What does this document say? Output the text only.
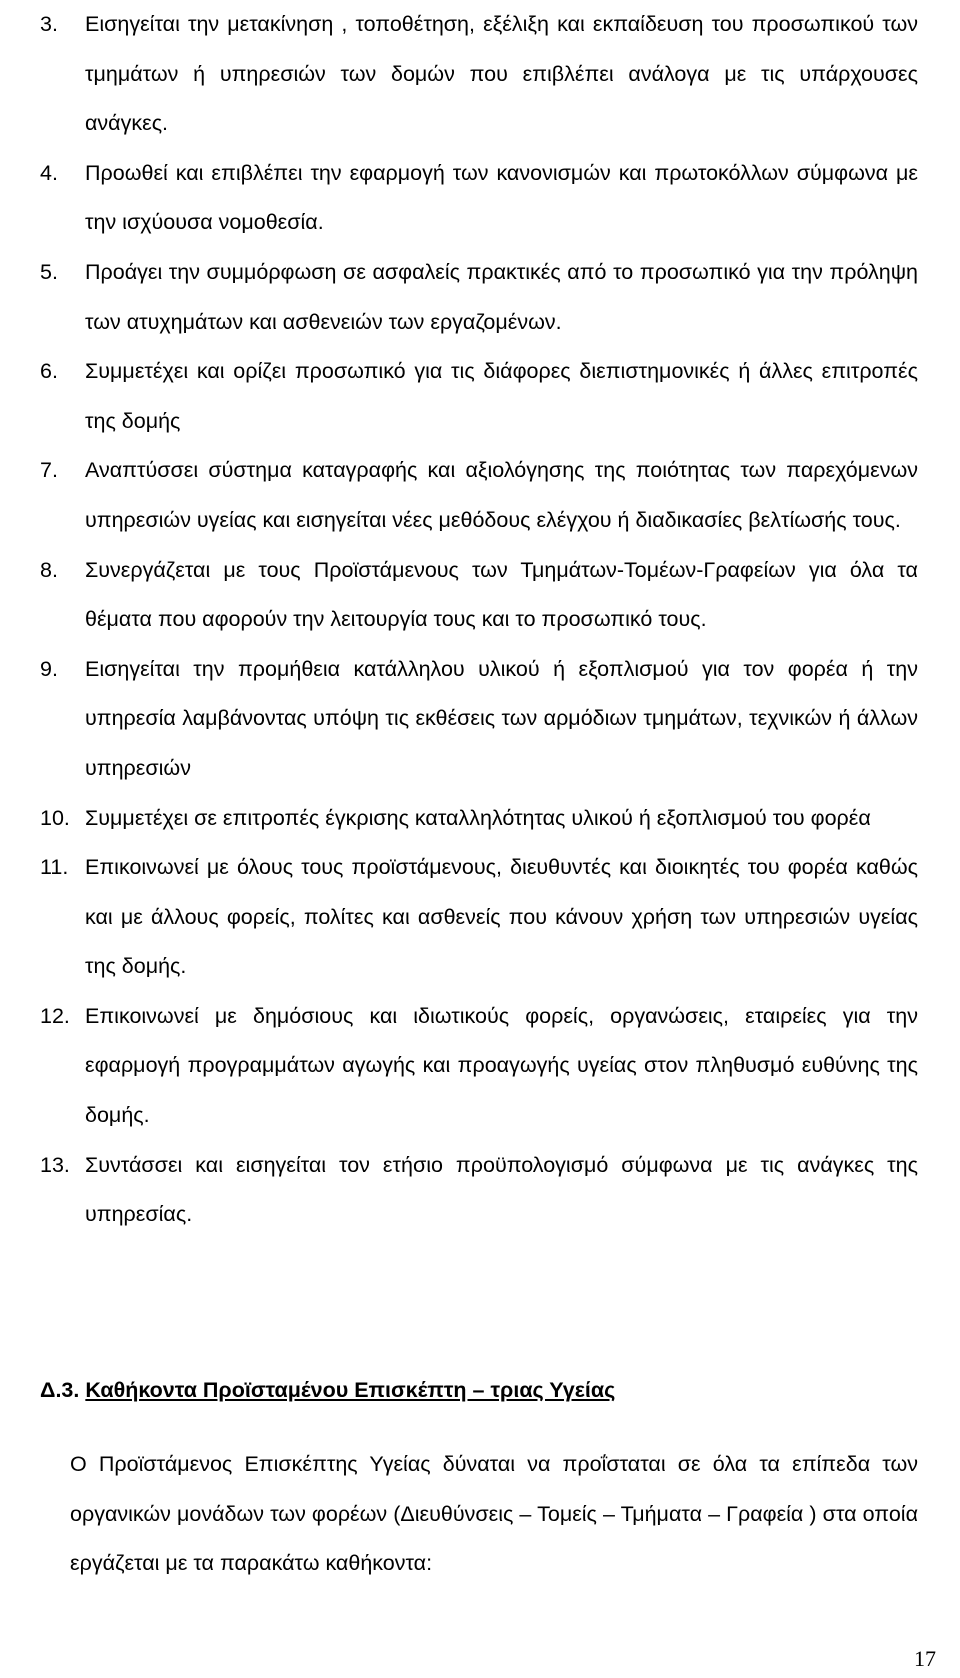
3.	Εισηγείται την μετακίνηση , τοποθέτηση, εξέλιξη και εκπαίδευση του προσωπικού των τμημάτων ή υπηρεσιών των δομών που επιβλέπει ανάλογα με τις υπάρχουσες ανάγκες.
4.	Προωθεί και επιβλέπει την εφαρμογή των κανονισμών και πρωτοκόλλων σύμφωνα με την ισχύουσα νομοθεσία.
5.	Προάγει την συμμόρφωση σε ασφαλείς πρακτικές από το προσωπικό για την πρόληψη των ατυχημάτων και ασθενειών των εργαζομένων.
6.	Συμμετέχει και ορίζει προσωπικό για τις διάφορες διεπιστημονικές ή άλλες επιτροπές της δομής
7.	Αναπτύσσει σύστημα καταγραφής και αξιολόγησης της ποιότητας των παρεχόμενων υπηρεσιών υγείας και εισηγείται νέες μεθόδους ελέγχου ή διαδικασίες βελτίωσής τους.
8.	Συνεργάζεται με τους Προϊστάμενους των Τμημάτων-Τομέων-Γραφείων για όλα τα θέματα που αφορούν την λειτουργία τους και το προσωπικό τους.
9.	Εισηγείται την προμήθεια κατάλληλου υλικού ή εξοπλισμού για τον φορέα ή την υπηρεσία λαμβάνοντας υπόψη τις εκθέσεις των αρμόδιων τμημάτων, τεχνικών ή άλλων υπηρεσιών
10. Συμμετέχει σε επιτροπές έγκρισης καταλληλότητας υλικού ή εξοπλισμού του φορέα
11. Επικοινωνεί με όλους τους προϊστάμενους, διευθυντές και διοικητές του φορέα καθώς και με άλλους φορείς, πολίτες και ασθενείς που κάνουν χρήση των υπηρεσιών υγείας της δομής.
12. Επικοινωνεί με δημόσιους και ιδιωτικούς φορείς, οργανώσεις, εταιρείες για την εφαρμογή προγραμμάτων αγωγής και προαγωγής υγείας στον πληθυσμό ευθύνης της δομής.
13. Συντάσσει και εισηγείται τον ετήσιο προϋπολογισμό σύμφωνα με τις ανάγκες της υπηρεσίας.
Δ.3. Καθήκοντα Προϊσταμένου Επισκέπτη – τριας Υγείας

Ο Προϊστάμενος Επισκέπτης Υγείας δύναται να προΐσταται σε όλα τα επίπεδα των οργανικών μονάδων των φορέων (Διευθύνσεις – Τομείς – Τμήματα – Γραφεία ) στα οποία εργάζεται με τα παρακάτω καθήκοντα:

17
